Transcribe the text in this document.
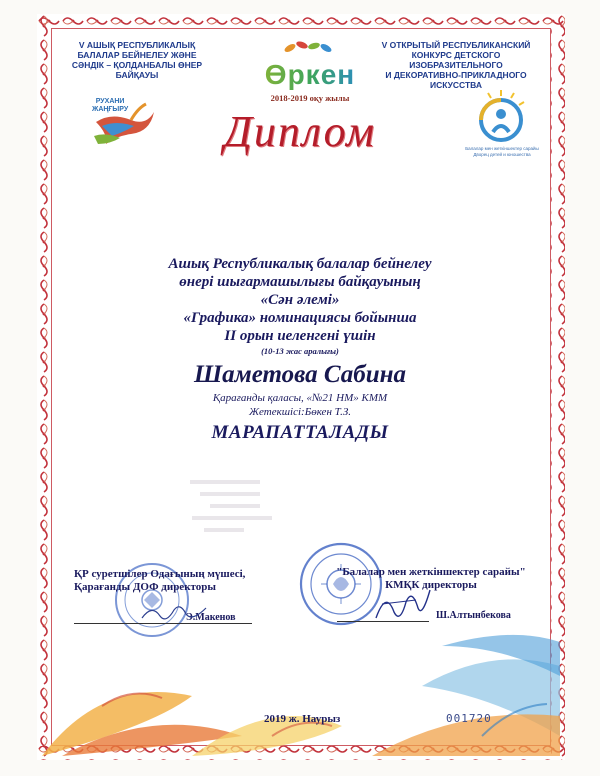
V АШЫҚ РЕСПУБЛИКАЛЫҚ
БАЛАЛАР БЕЙНЕЛЕУ ЖӘНЕ
СӘНДІК – ҚОЛДАНБАЛЫ ӨНЕР
БАЙҚАУЫ	Өркен
2018-2019 оқу жылы
V ОТКРЫТЫЙ РЕСПУБЛИКАНСКИЙ
КОНКУРС ДЕТСКОГО
ИЗОБРАЗИТЕЛЬНОГО
И ДЕКОРАТИВНО-ПРИКЛАДНОГО
ИСКУССТВА
РУХАНИ
ЖАҢҒЫРУ
Балалар мен жеткіншектер сарайы
Дворец детей и юношества
Диплом
Ашық Республикалық балалар бейнелеу
өнері шығармашылығы байқауының
«Сән әлемі»
«Графика» номинациясы бойынша
II орын иеленгені үшін
(10-13 жас аралығы)
Шаметова Сабина
Қарағанды қаласы, «№21 НМ» КММ
Жетекшісі:Бөкен Т.З.
МАРАПАТТАЛАДЫ
ҚР суретшілер Одағының мүшесі,
Қарағанды ДОФ директоры
Э.Макенов
"Балалар мен жеткіншектер сарайы"
КМҚК директоры
Ш.Алтынбекова
2019 ж. Наурыз	001720
